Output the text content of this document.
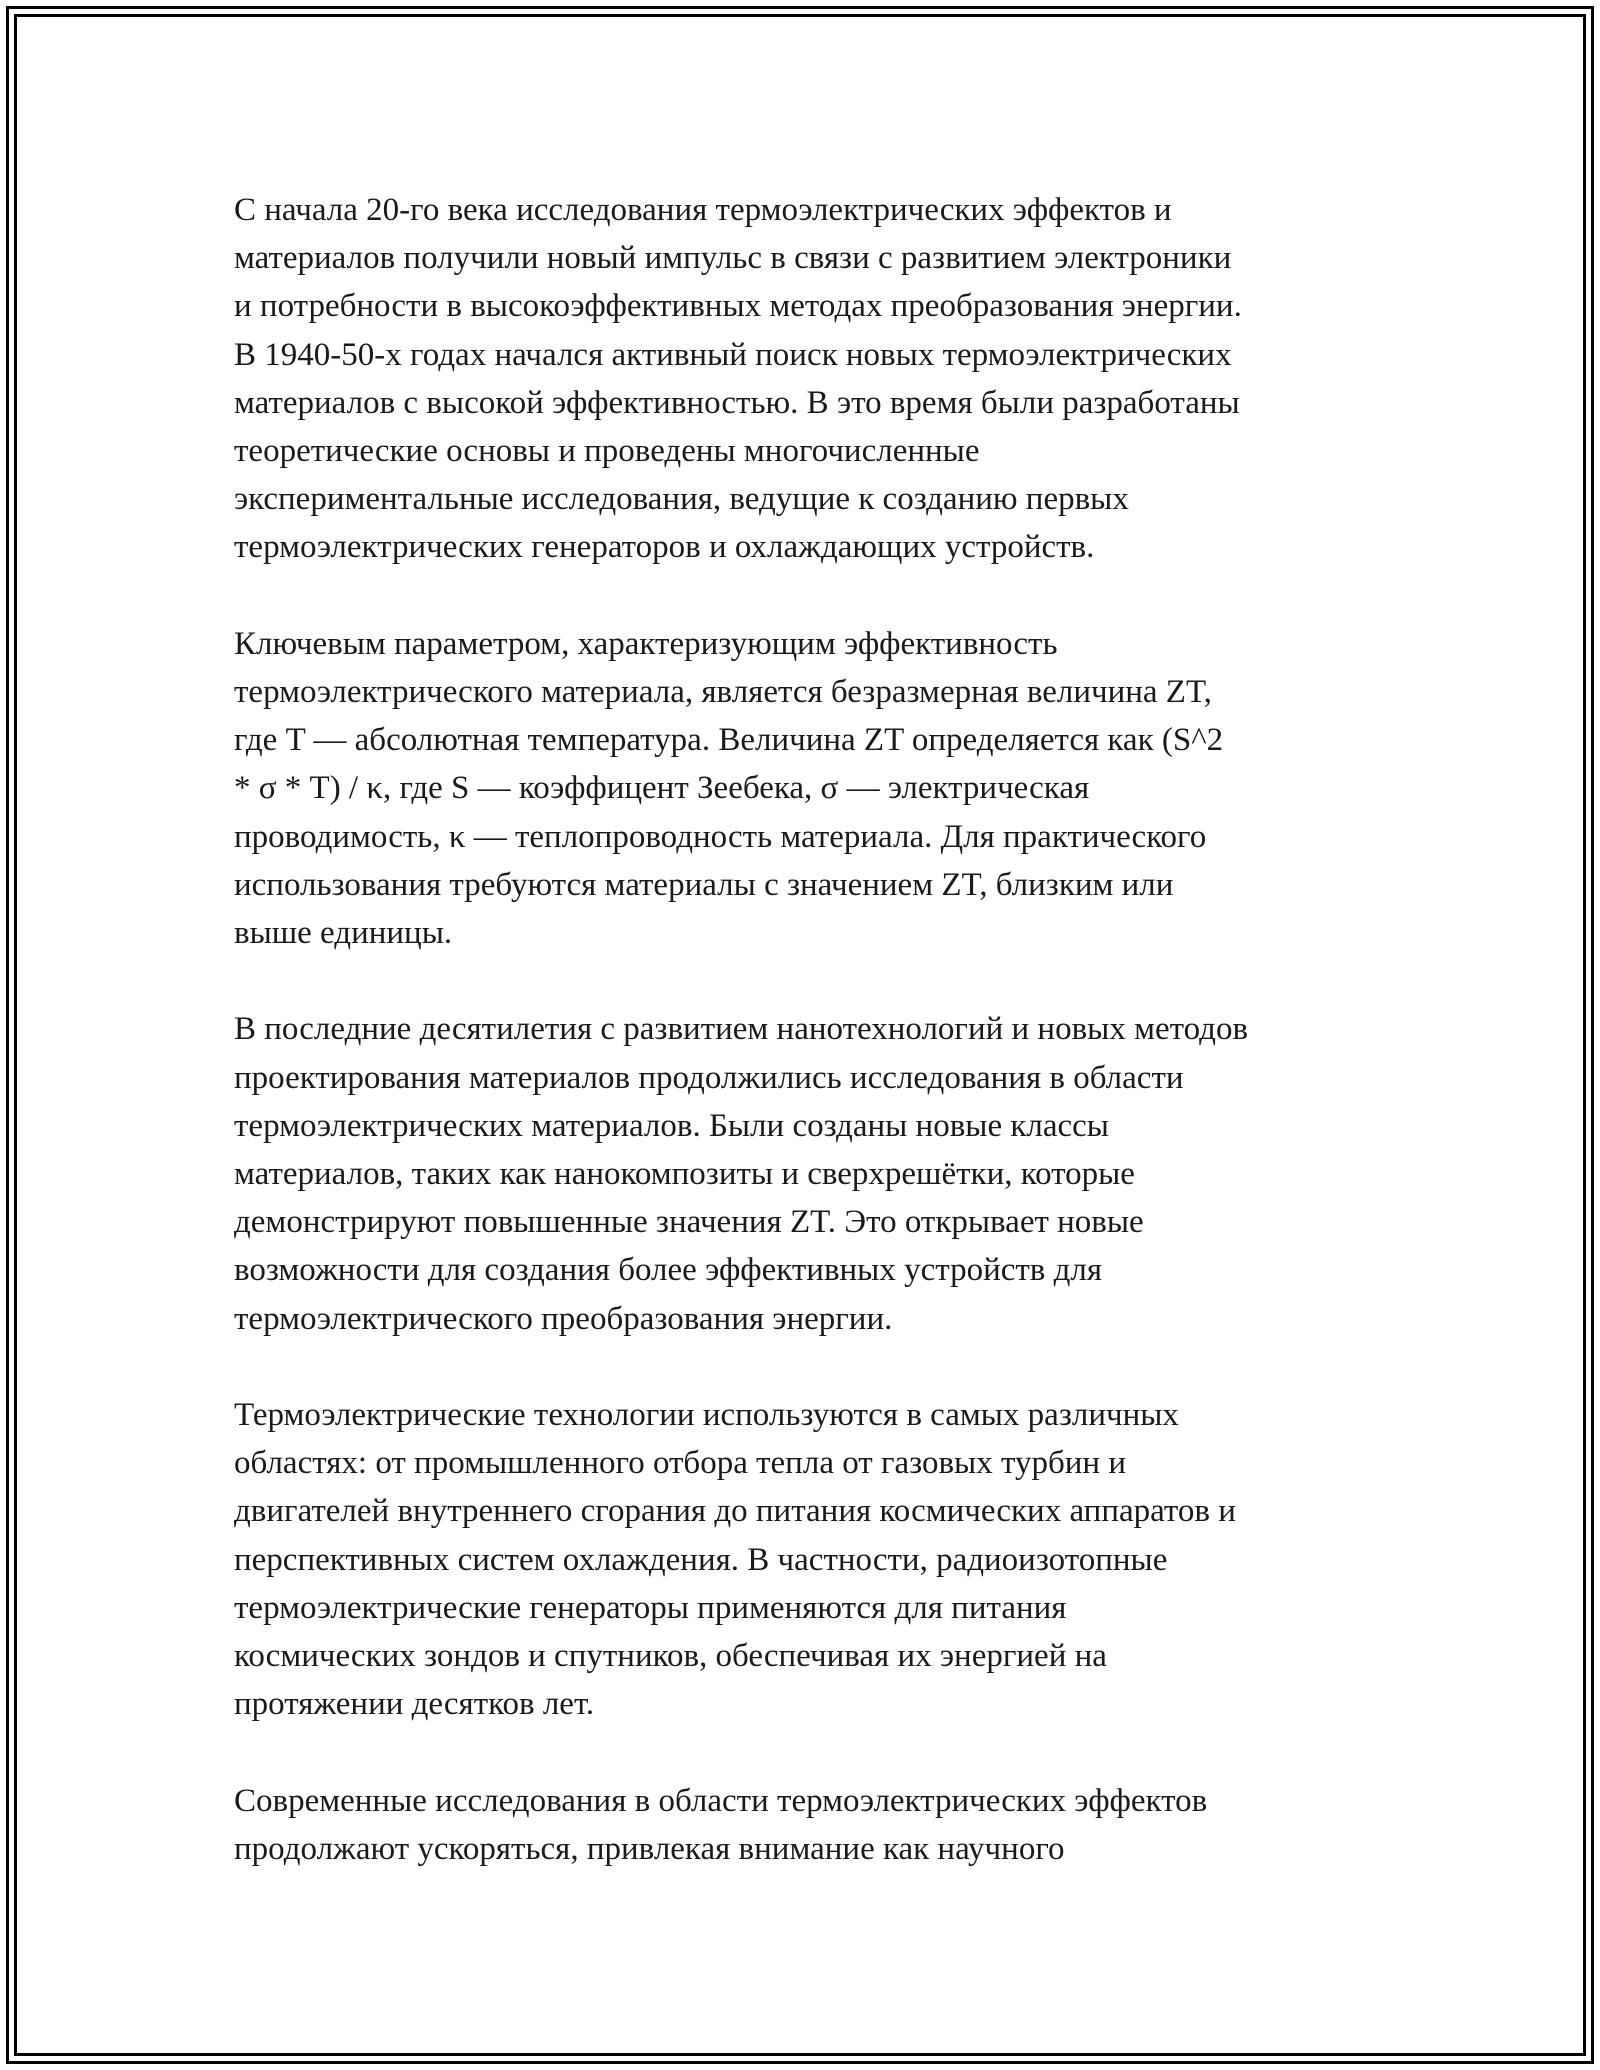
С начала 20-го века исследования термоэлектрических эффектов и
материалов получили новый импульс в связи с развитием электроники
и потребности в высокоэффективных методах преобразования энергии.
В 1940-50-х годах начался активный поиск новых термоэлектрических
материалов с высокой эффективностью. В это время были разработаны
теоретические основы и проведены многочисленные
экспериментальные исследования, ведущие к созданию первых
термоэлектрических генераторов и охлаждающих устройств.

Ключевым параметром, характеризующим эффективность
термоэлектрического материала, является безразмерная величина ZT,
где T — абсолютная температура. Величина ZT определяется как (S^2
* σ * T) / κ, где S — коэффицент Зеебека, σ — электрическая
проводимость, κ — теплопроводность материала. Для практического
использования требуются материалы с значением ZT, близким или
выше единицы.

В последние десятилетия с развитием нанотехнологий и новых методов
проектирования материалов продолжились исследования в области
термоэлектрических материалов. Были созданы новые классы
материалов, таких как нанокомпозиты и сверхрешётки, которые
демонстрируют повышенные значения ZT. Это открывает новые
возможности для создания более эффективных устройств для
термоэлектрического преобразования энергии.

Термоэлектрические технологии используются в самых различных
областях: от промышленного отбора тепла от газовых турбин и
двигателей внутреннего сгорания до питания космических аппаратов и
перспективных систем охлаждения. В частности, радиоизотопные
термоэлектрические генераторы применяются для питания
космических зондов и спутников, обеспечивая их энергией на
протяжении десятков лет.

Современные исследования в области термоэлектрических эффектов
продолжают ускоряться, привлекая внимание как научного
